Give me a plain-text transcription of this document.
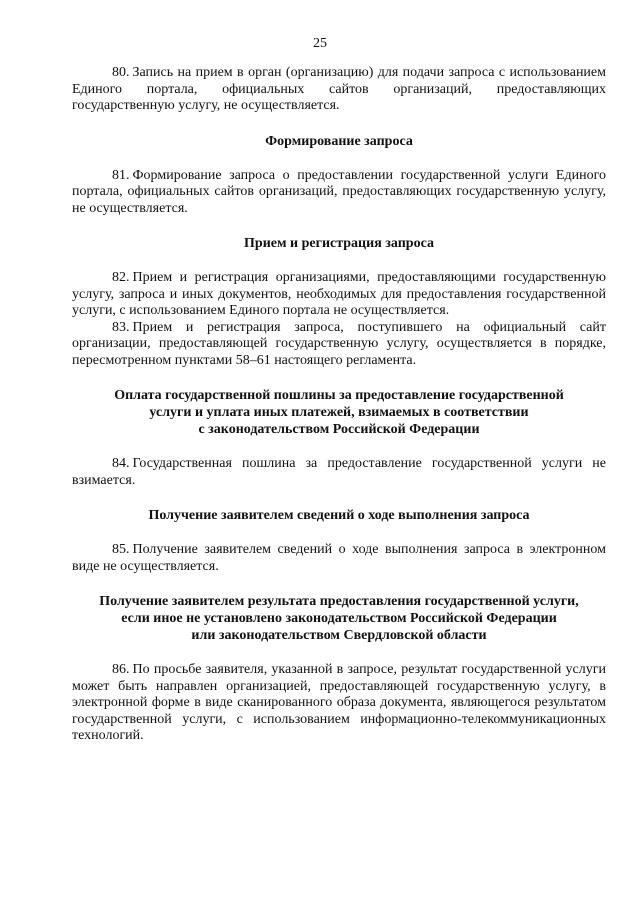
25

80. Запись на прием в орган (организацию) для подачи запроса с использованием Единого портала, официальных сайтов организаций, предоставляющих государственную услугу, не осуществляется.

Формирование запроса

81. Формирование запроса о предоставлении государственной услуги Единого портала, официальных сайтов организаций, предоставляющих государственную услугу, не осуществляется.

Прием и регистрация запроса

82. Прием и регистрация организациями, предоставляющими государственную услугу, запроса и иных документов, необходимых для предоставления государственной услуги, с использованием Единого портала не осуществляется.

83. Прием и регистрация запроса, поступившего на официальный сайт организации, предоставляющей государственную услугу, осуществляется в порядке, пересмотренном пунктами 58–61 настоящего регламента.

Оплата государственной пошлины за предоставление государственной
услуги и уплата иных платежей, взимаемых в соответствии
с законодательством Российской Федерации

84. Государственная пошлина за предоставление государственной услуги не взимается.

Получение заявителем сведений о ходе выполнения запроса

85. Получение заявителем сведений о ходе выполнения запроса в электронном виде не осуществляется.

Получение заявителем результата предоставления государственной услуги,
если иное не установлено законодательством Российской Федерации
или законодательством Свердловской области

86. По просьбе заявителя, указанной в запросе, результат государственной услуги может быть направлен организацией, предоставляющей государственную услугу, в электронной форме в виде сканированного образа документа, являющегося результатом государственной услуги, с использованием информационно-телекоммуникационных технологий.
